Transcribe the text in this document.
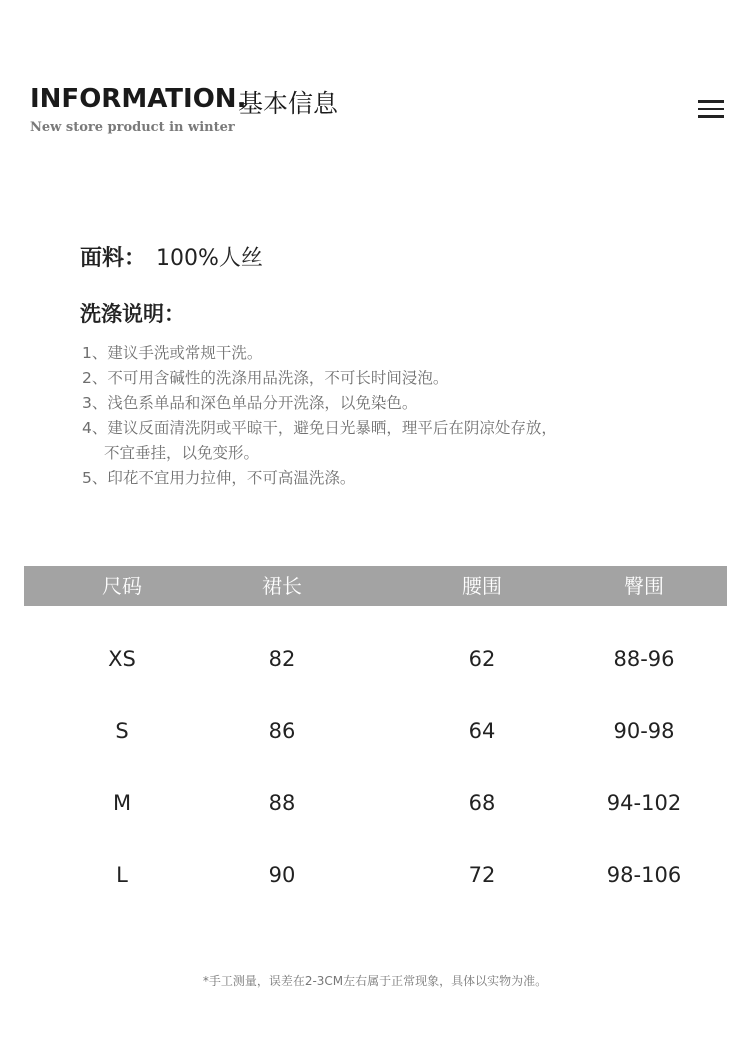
INFORMATION.
基本信息
New store product in winter
面料： 100%人丝
洗涤说明：
1、建议手洗或常规干洗。
2、不可用含碱性的洗涤用品洗涤，不可长时间浸泡。
3、浅色系单品和深色单品分开洗涤，以免染色。
4、建议反面清洗阴或平晾干，避免日光暴晒，理平后在阴凉处存放，
不宜垂挂，以免变形。
5、印花不宜用力拉伸，不可高温洗涤。
尺码	裙长	腰围	臀围
XS	82	62	88-96
S	86	64	90-98
M	88	68	94-102
L	90	72	98-106
*手工测量，误差在2-3CM左右属于正常现象，具体以实物为准。
